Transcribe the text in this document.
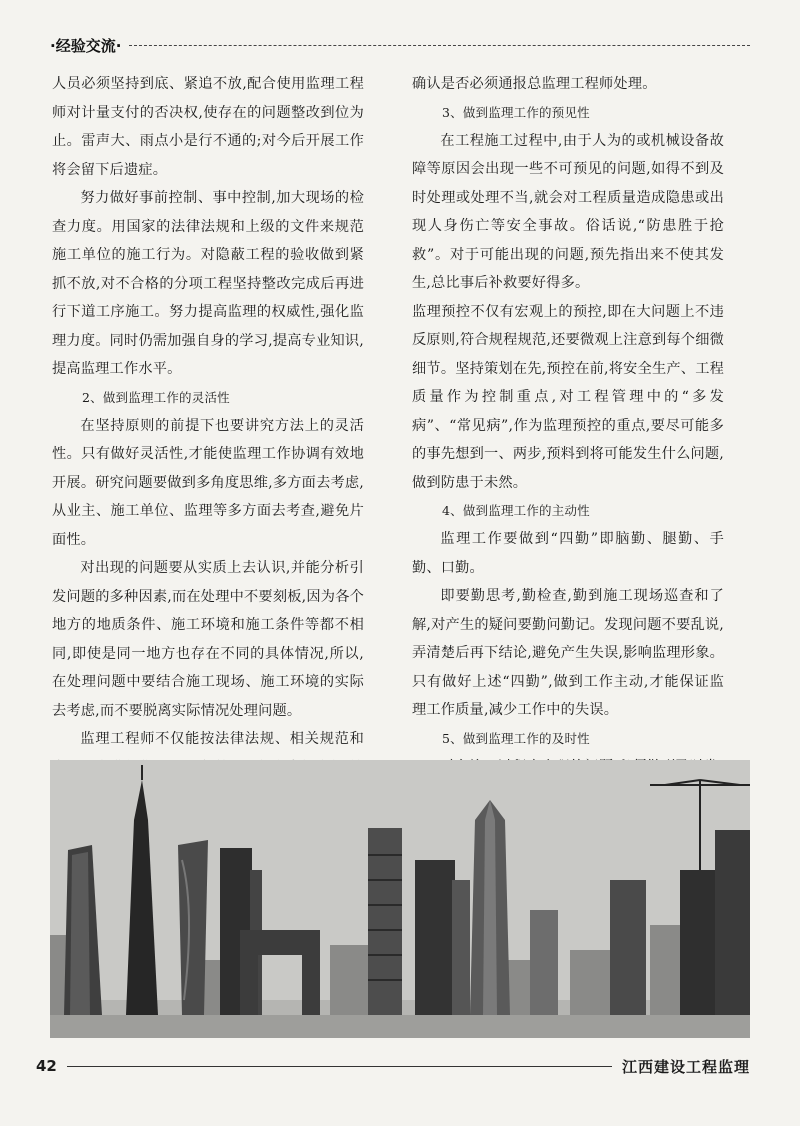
·经验交流·

人员必须坚持到底、紧追不放,配合使用监理工程师对计量支付的否决权,使存在的问题整改到位为止。雷声大、雨点小是行不通的;对今后开展工作将会留下后遗症。

努力做好事前控制、事中控制,加大现场的检查力度。用国家的法律法规和上级的文件来规范施工单位的施工行为。对隐蔽工程的验收做到紧抓不放,对不合格的分项工程坚持整改完成后再进行下道工序施工。努力提高监理的权威性,强化监理力度。同时仍需加强自身的学习,提高专业知识,提高监理工作水平。

2、做到监理工作的灵活性

在坚持原则的前提下也要讲究方法上的灵活性。只有做好灵活性,才能使监理工作协调有效地开展。研究问题要做到多角度思维,多方面去考虑,从业主、施工单位、监理等多方面去考查,避免片面性。

对出现的问题要从实质上去认识,并能分析引发问题的多种因素,而在处理中不要刻板,因为各个地方的地质条件、施工环境和施工条件等都不相同,即使是同一地方也存在不同的具体情况,所以,在处理问题中要结合施工现场、施工环境的实际去考虑,而不要脱离实际情况处理问题。

监理工程师不仅能按法律法规、相关规范和

确认是否必须通报总监理工程师处理。

3、做到监理工作的预见性

在工程施工过程中,由于人为的或机械设备故障等原因会出现一些不可预见的问题,如得不到及时处理或处理不当,就会对工程质量造成隐患或出现人身伤亡等安全事故。俗话说,“防患胜于抢救”。对于可能出现的问题,预先指出来不使其发生,总比事后补救要好得多。

监理预控不仅有宏观上的预控,即在大问题上不违反原则,符合规程规范,还要微观上注意到每个细微细节。坚持策划在先,预控在前,将安全生产、工程质量作为控制重点,对工程管理中的“多发病”、“常见病”,作为监理预控的重点,要尽可能多的事先想到一、两步,预料到将可能发生什么问题,做到防患于未然。

4、做到监理工作的主动性

监理工作要做到“四勤”即脑勤、腿勤、手勤、口勤。

即要勤思考,勤检查,勤到施工现场巡查和了解,对产生的疑问要勤问勤记。发现问题不要乱说,弄清楚后再下结论,避免产生失误,影响监理形象。只有做好上述“四勤”,做到工作主动,才能保证监理工作质量,减少工作中的失误。

5、做到监理工作的及时性

42	江西建设工程监理
